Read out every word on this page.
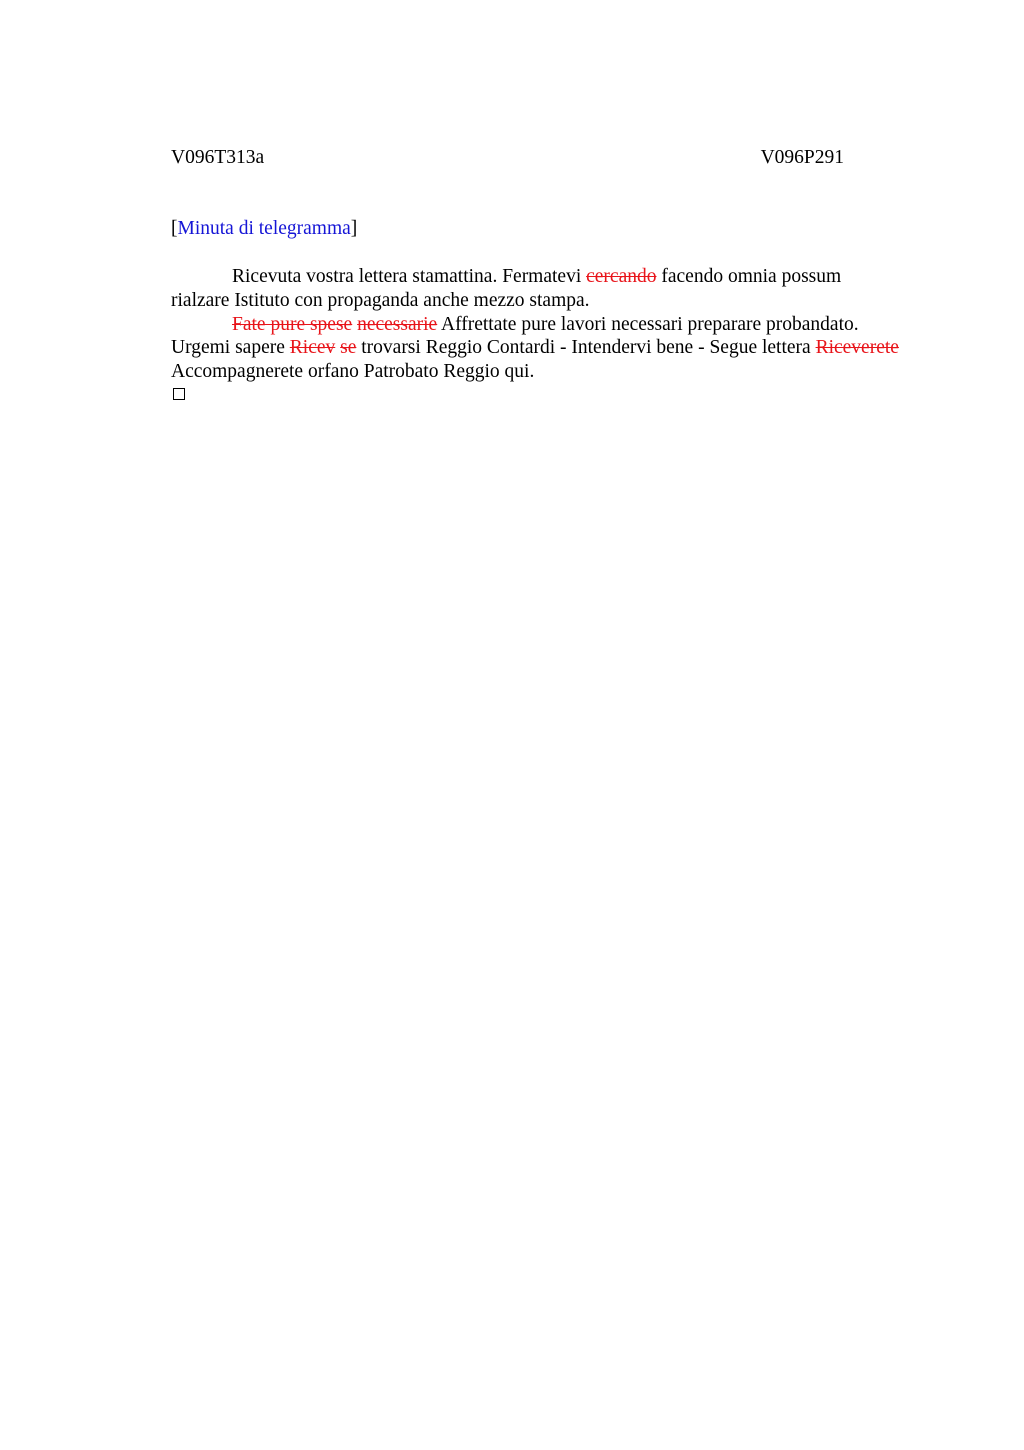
V096T313a	V096P291
[Minuta di telegramma]

Ricevuta vostra lettera stamattina. Fermatevi cercando facendo omnia possum rialzare Istituto con propaganda anche mezzo stampa.

Fate pure spese necessarie Affrettate pure lavori necessari preparare probandato. Urgemi sapere Ricev se trovarsi Reggio Contardi - Intendervi bene - Segue lettera Riceverete Accompagnerete orfano Patrobato Reggio qui.
